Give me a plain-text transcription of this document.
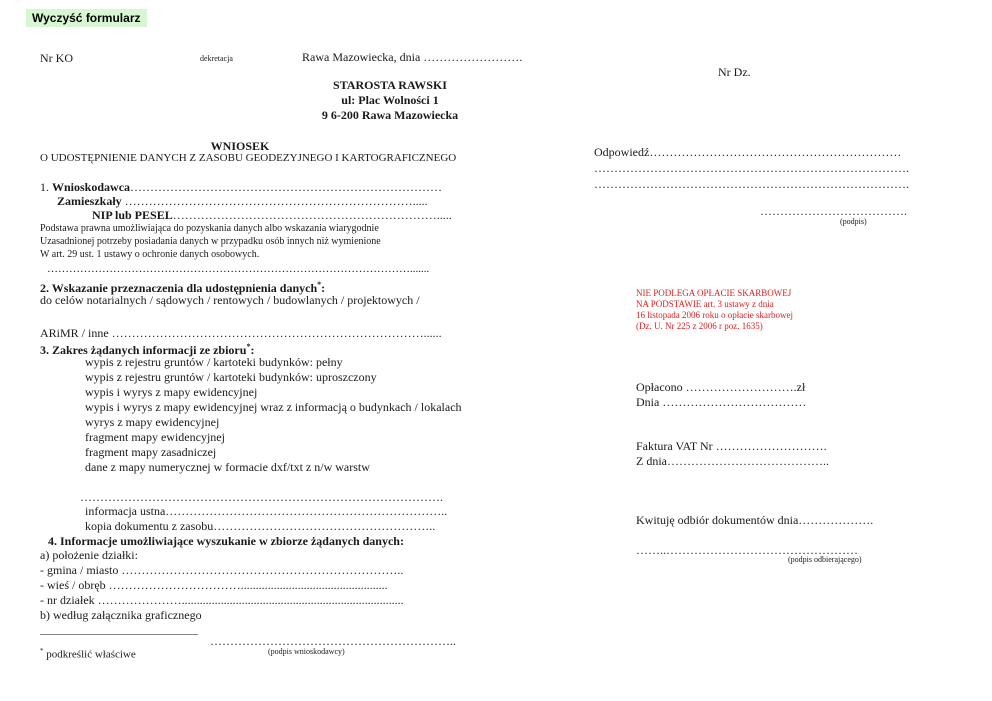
Wyczyść formularz
Nr KO	dekretacja	Rawa Mazowiecka, dnia …………………….
Nr Dz.
STAROSTA RAWSKI
ul: Plac Wolności 1
9 6-200 Rawa Mazowiecka
WNIOSEK
O UDOSTĘPNIENIE DANYCH Z ZASOBU GEODEZYJNEGO I KARTOGRAFICZNEGO
1. Wnioskodawca……………………………………………………………………
Zamieszkały ……………………………………………………………….....
NIP lub PESEL………………………………………………………….....
Podstawa prawna umożliwiająca do pozyskania danych albo wskazania wiarygodnie
Uzasadnionej potrzeby posiadania danych w przypadku osób innych niż wymienione
W art. 29 ust. 1 ustawy o ochronie danych osobowych.
……………………………………………………………………………………….......
2. Wskazanie przeznaczenia dla udostępnienia danych*:
do celów notarialnych / sądowych / rentowych / budowlanych / projektowych /
ARiMR / inne ……………………………………………………………………......
3. Zakres żądanych informacji ze zbioru*:
wypis z rejestru gruntów / kartoteki budynków: pełny
wypis z rejestru gruntów / kartoteki budynków: uproszczony
wypis i wyrys z mapy ewidencyjnej
wypis i wyrys z mapy ewidencyjnej wraz z informacją o budynkach / lokalach
wyrys z mapy ewidencyjnej
fragment mapy ewidencyjnej
fragment mapy zasadniczej
dane z mapy numerycznej w formacie dxf/txt z n/w warstw
……………………………………………………………………………….
informacja ustna……………………………………………………………..
kopia dokumentu z zasobu………………………………………………..
4. Informacje umożliwiające wyszukanie w zbiorze żądanych danych:
a) położenie działki:
- gmina / miasto ……………………………………………………………..
- wieś / obręb …………………………….................................................
- nr działek …………………..........................................................................
b) według załącznika graficznego
……………………………………………………..
* podkreślić właściwe	(podpis wnioskodawcy)
Odpowiedź………………………………………………………
…………………………………………………………………….
…………………………………………………………………….
……………………………….
(podpis)
NIE PODLEGA OPŁACIE SKARBOWEJ
NA PODSTAWIE art. 3 ustawy z dnia
16 listopada 2006 roku o opłacie skarbowej
(Dz. U. Nr 225 z 2006 r poz. 1635)
Opłacono ……………………….zł
Dnia ………………………………
Faktura VAT Nr ……………………….
Z dnia…………………………………..
Kwituję odbiór dokumentów dnia……………….
……..…………………………………………
(podpis odbierającego)
